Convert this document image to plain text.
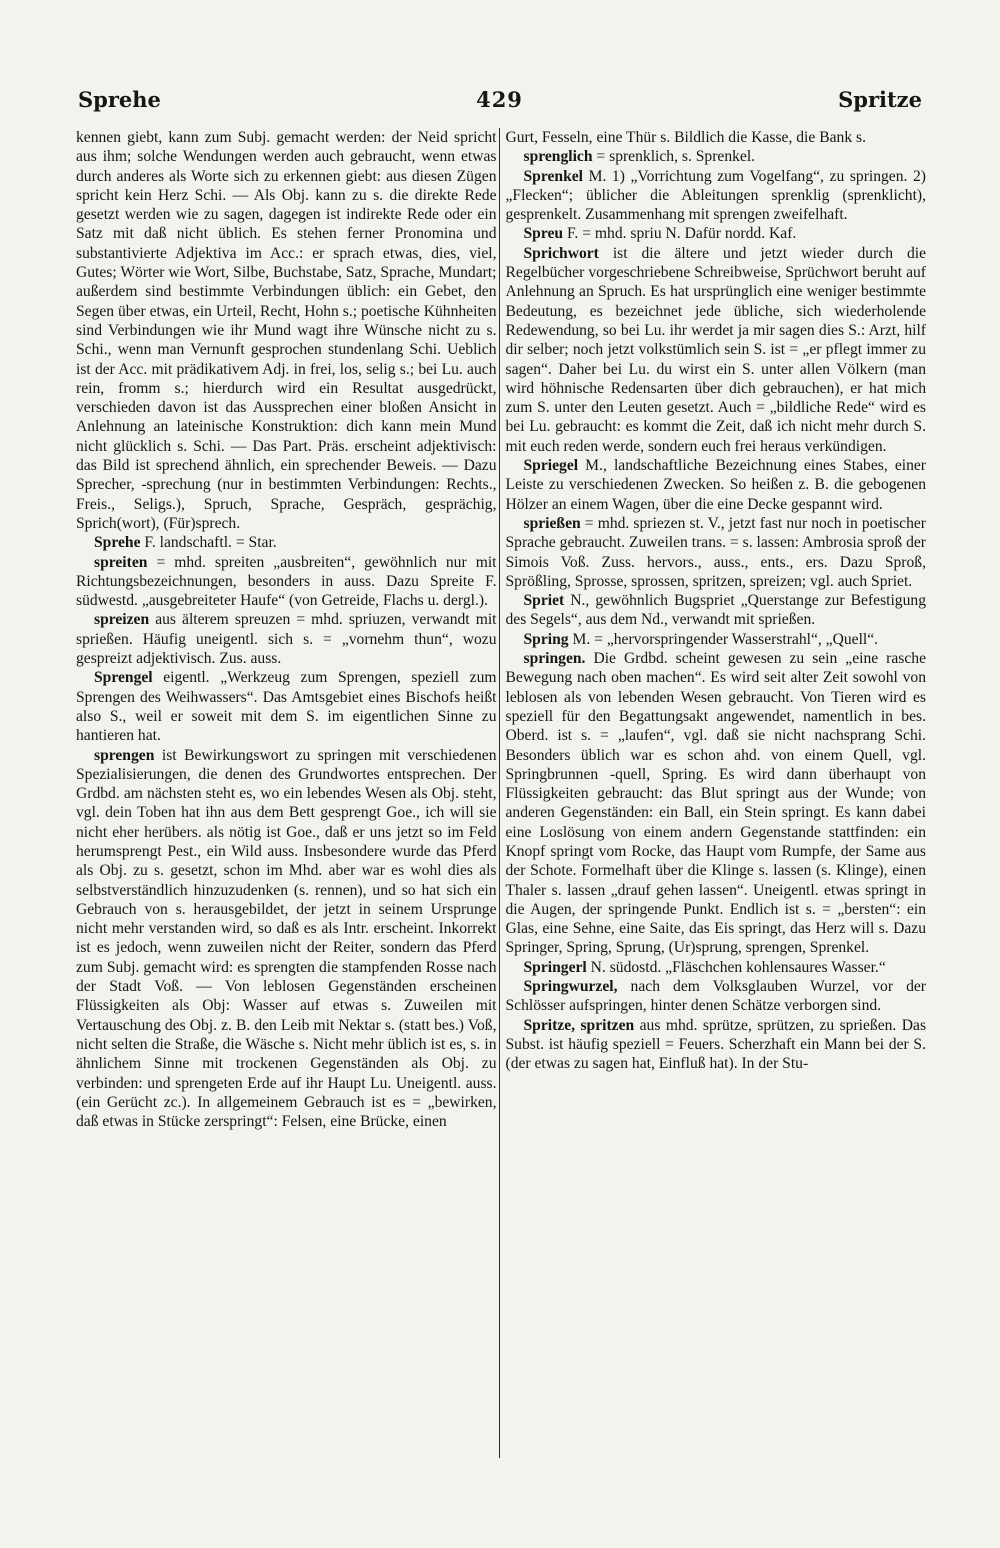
Sprehe	429	Spritze

kennen giebt, kann zum Subj. gemacht werden: der Neid spricht aus ihm; solche Wendungen werden auch gebraucht, wenn etwas durch anderes als Worte sich zu erkennen giebt: aus diesen Zügen spricht kein Herz Schi. — Als Obj. kann zu s. die direkte Rede gesetzt werden wie zu sagen, dagegen ist indirekte Rede oder ein Satz mit daß nicht üblich. Es stehen ferner Pronomina und substantivierte Adjektiva im Acc.: er sprach etwas, dies, viel, Gutes; Wörter wie Wort, Silbe, Buchstabe, Satz, Sprache, Mundart; außerdem sind bestimmte Verbindungen üblich: ein Gebet, den Segen über etwas, ein Urteil, Recht, Hohn s.; poetische Kühnheiten sind Verbindungen wie ihr Mund wagt ihre Wünsche nicht zu s. Schi., wenn man Vernunft gesprochen stundenlang Schi. Ueblich ist der Acc. mit prädikativem Adj. in frei, los, selig s.; bei Lu. auch rein, fromm s.; hierdurch wird ein Resultat ausgedrückt, verschieden davon ist das Aussprechen einer bloßen Ansicht in Anlehnung an lateinische Konstruktion: dich kann mein Mund nicht glücklich s. Schi. — Das Part. Präs. erscheint adjektivisch: das Bild ist sprechend ähnlich, ein sprechender Beweis. — Dazu Sprecher, -sprechung (nur in bestimmten Verbindungen: Rechts., Freis., Seligs.), Spruch, Sprache, Gespräch, gesprächig, Sprich(wort), (Für)sprech.

Sprehe F. landschaftl. = Star.

spreiten = mhd. spreiten „ausbreiten“, gewöhnlich nur mit Richtungsbezeichnungen, besonders in auss. Dazu Spreite F. südwestd. „ausgebreiteter Haufe“ (von Getreide, Flachs u. dergl.).

spreizen aus älterem spreuzen = mhd. spriuzen, verwandt mit sprießen. Häufig uneigentl. sich s. = „vornehm thun“, wozu gespreizt adjektivisch. Zus. auss.

Sprengel eigentl. „Werkzeug zum Sprengen, speziell zum Sprengen des Weihwassers“. Das Amtsgebiet eines Bischofs heißt also S., weil er soweit mit dem S. im eigentlichen Sinne zu hantieren hat.

sprengen ist Bewirkungswort zu springen mit verschiedenen Spezialisierungen, die denen des Grundwortes entsprechen. Der Grdbd. am nächsten steht es, wo ein lebendes Wesen als Obj. steht, vgl. dein Toben hat ihn aus dem Bett gesprengt Goe., ich will sie nicht eher herübers. als nötig ist Goe., daß er uns jetzt so im Feld herumsprengt Pest., ein Wild auss. Insbesondere wurde das Pferd als Obj. zu s. gesetzt, schon im Mhd. aber war es wohl dies als selbstverständlich hinzuzudenken (s. rennen), und so hat sich ein Gebrauch von s. herausgebildet, der jetzt in seinem Ursprunge nicht mehr verstanden wird, so daß es als Intr. erscheint. Inkorrekt ist es jedoch, wenn zuweilen nicht der Reiter, sondern das Pferd zum Subj. gemacht wird: es sprengten die stampfenden Rosse nach der Stadt Voß. — Von leblosen Gegenständen erscheinen Flüssigkeiten als Obj: Wasser auf etwas s. Zuweilen mit Vertauschung des Obj. z. B. den Leib mit Nektar s. (statt bes.) Voß, nicht selten die Straße, die Wäsche s. Nicht mehr üblich ist es, s. in ähnlichem Sinne mit trockenen Gegenständen als Obj. zu verbinden: und sprengeten Erde auf ihr Haupt Lu. Uneigentl. auss. (ein Gerücht zc.). In allgemeinem Gebrauch ist es = „bewirken, daß etwas in Stücke zerspringt“: Felsen, eine Brücke, einen

Gurt, Fesseln, eine Thür s. Bildlich die Kasse, die Bank s.

sprenglich = sprenklich, s. Sprenkel.

Sprenkel M. 1) „Vorrichtung zum Vogelfang“, zu springen. 2) „Flecken“; üblicher die Ableitungen sprenklig (sprenklicht), gesprenkelt. Zusammenhang mit sprengen zweifelhaft.

Spreu F. = mhd. spriu N. Dafür nordd. Kaf.

Sprichwort ist die ältere und jetzt wieder durch die Regelbücher vorgeschriebene Schreibweise, Sprüchwort beruht auf Anlehnung an Spruch. Es hat ursprünglich eine weniger bestimmte Bedeutung, es bezeichnet jede übliche, sich wiederholende Redewendung, so bei Lu. ihr werdet ja mir sagen dies S.: Arzt, hilf dir selber; noch jetzt volkstümlich sein S. ist = „er pflegt immer zu sagen“. Daher bei Lu. du wirst ein S. unter allen Völkern (man wird höhnische Redensarten über dich gebrauchen), er hat mich zum S. unter den Leuten gesetzt. Auch = „bildliche Rede“ wird es bei Lu. gebraucht: es kommt die Zeit, daß ich nicht mehr durch S. mit euch reden werde, sondern euch frei heraus verkündigen.

Spriegel M., landschaftliche Bezeichnung eines Stabes, einer Leiste zu verschiedenen Zwecken. So heißen z. B. die gebogenen Hölzer an einem Wagen, über die eine Decke gespannt wird.

sprießen = mhd. spriezen st. V., jetzt fast nur noch in poetischer Sprache gebraucht. Zuweilen trans. = s. lassen: Ambrosia sproß der Simois Voß. Zuss. hervors., auss., ents., ers. Dazu Sproß, Sprößling, Sprosse, sprossen, spritzen, spreizen; vgl. auch Spriet.

Spriet N., gewöhnlich Bugspriet „Querstange zur Befestigung des Segels“, aus dem Nd., verwandt mit sprießen.

Spring M. = „hervorspringender Wasserstrahl“, „Quell“.

springen. Die Grdbd. scheint gewesen zu sein „eine rasche Bewegung nach oben machen“. Es wird seit alter Zeit sowohl von leblosen als von lebenden Wesen gebraucht. Von Tieren wird es speziell für den Begattungsakt angewendet, namentlich in bes. Oberd. ist s. = „laufen“, vgl. daß sie nicht nachsprang Schi. Besonders üblich war es schon ahd. von einem Quell, vgl. Springbrunnen -quell, Spring. Es wird dann überhaupt von Flüssigkeiten gebraucht: das Blut springt aus der Wunde; von anderen Gegenständen: ein Ball, ein Stein springt. Es kann dabei eine Loslösung von einem andern Gegenstande stattfinden: ein Knopf springt vom Rocke, das Haupt vom Rumpfe, der Same aus der Schote. Formelhaft über die Klinge s. lassen (s. Klinge), einen Thaler s. lassen „drauf gehen lassen“. Uneigentl. etwas springt in die Augen, der springende Punkt. Endlich ist s. = „bersten“: ein Glas, eine Sehne, eine Saite, das Eis springt, das Herz will s. Dazu Springer, Spring, Sprung, (Ur)sprung, sprengen, Sprenkel.

Springerl N. südostd. „Fläschchen kohlensaures Wasser.“

Springwurzel, nach dem Volksglauben Wurzel, vor der Schlösser aufspringen, hinter denen Schätze verborgen sind.

Spritze, spritzen aus mhd. sprütze, sprützen, zu sprießen. Das Subst. ist häufig speziell = Feuers. Scherzhaft ein Mann bei der S. (der etwas zu sagen hat, Einfluß hat). In der Stu-
